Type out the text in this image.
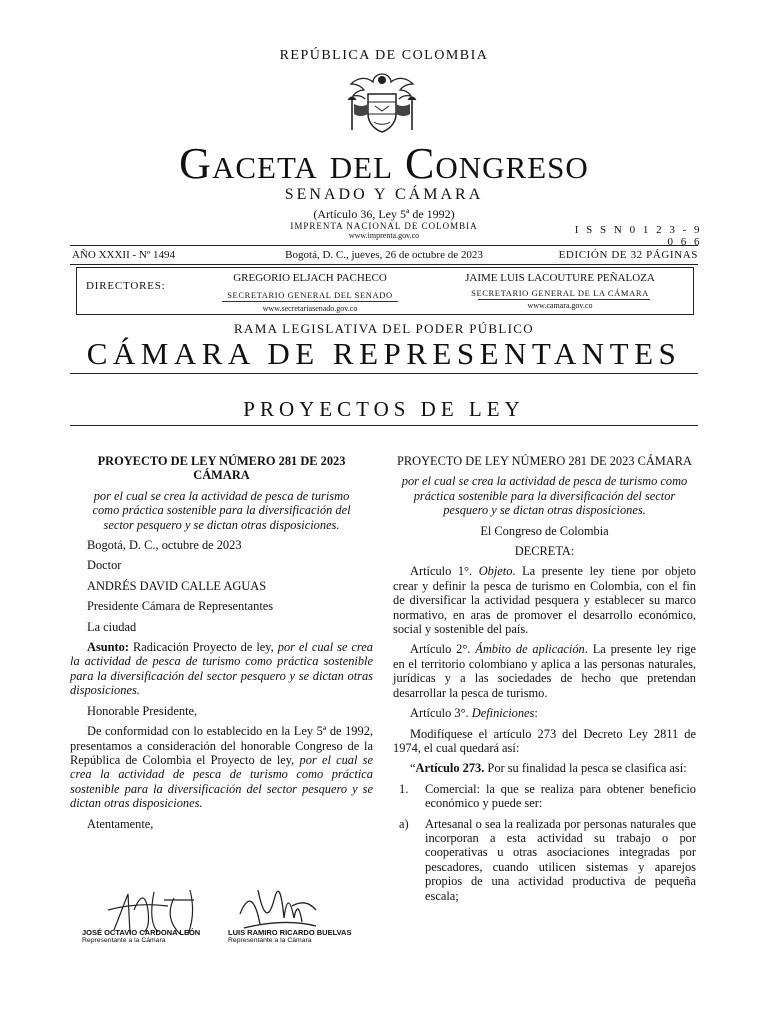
REPÚBLICA DE COLOMBIA
Gaceta del Congreso
SENADO Y CÁMARA
(Artículo 36, Ley 5ª de 1992)
IMPRENTA NACIONAL DE COLOMBIA
www.imprenta.gov.co	I S S N 0 1 2 3 - 9 0 6 6
AÑO XXXII - Nº 1494	Bogotá, D. C., jueves, 26 de octubre de 2023	EDICIÓN DE 32 PÁGINAS
DIRECTORES:
GREGORIO ELJACH PACHECO
SECRETARIO GENERAL DEL SENADO
www.secretariasenado.gov.co
JAIME LUIS LACOUTURE PEÑALOZA
SECRETARIO GENERAL DE LA CÁMARA
www.camara.gov.co
RAMA LEGISLATIVA DEL PODER PÚBLICO
CÁMARA DE REPRESENTANTES
PROYECTOS DE LEY

PROYECTO DE LEY NÚMERO 281 DE 2023 CÁMARA

por el cual se crea la actividad de pesca de turismo como práctica sostenible para la diversificación del sector pesquero y se dictan otras disposiciones.

Bogotá, D. C., octubre de 2023

Doctor

ANDRÉS DAVID CALLE AGUAS

Presidente Cámara de Representantes

La ciudad

Asunto: Radicación Proyecto de ley, por el cual se crea la actividad de pesca de turismo como práctica sostenible para la diversificación del sector pesquero y se dictan otras disposiciones.

Honorable Presidente,

De conformidad con lo establecido en la Ley 5ª de 1992, presentamos a consideración del honorable Congreso de la República de Colombia el Proyecto de ley, por el cual se crea la actividad de pesca de turismo como práctica sostenible para la diversificación del sector pesquero y se dictan otras disposiciones.

Atentamente,

JOSÉ OCTAVIO CARDONA LEÓN
Representante a la Cámara
LUIS RAMIRO RICARDO BUELVAS
Representante a la Cámara

PROYECTO DE LEY NÚMERO 281 DE 2023 CÁMARA

por el cual se crea la actividad de pesca de turismo como práctica sostenible para la diversificación del sector pesquero y se dictan otras disposiciones.

El Congreso de Colombia

DECRETA:

Artículo 1°. Objeto. La presente ley tiene por objeto crear y definir la pesca de turismo en Colombia, con el fin de diversificar la actividad pesquera y establecer su marco normativo, en aras de promover el desarrollo económico, social y sostenible del país.

Artículo 2°. Ámbito de aplicación. La presente ley rige en el territorio colombiano y aplica a las personas naturales, jurídicas y a las sociedades de hecho que pretendan desarrollar la pesca de turismo.

Artículo 3°. Definiciones:

Modifíquese el artículo 273 del Decreto Ley 2811 de 1974, el cual quedará así:

“Artículo 273. Por su finalidad la pesca se clasifica así:

1.	Comercial: la que se realiza para obtener beneficio económico y puede ser:
a)	Artesanal o sea la realizada por personas naturales que incorporan a esta actividad su trabajo o por cooperativas u otras asociaciones integradas por pescadores, cuando utilicen sistemas y aparejos propios de una actividad productiva de pequeña escala;
